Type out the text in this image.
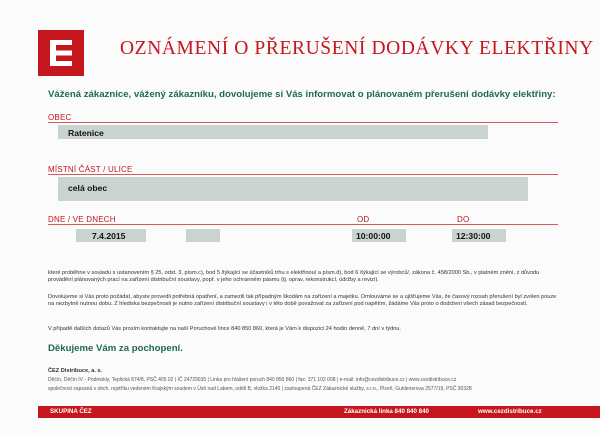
OZNÁMENÍ O PŘERUŠENÍ DODÁVKY ELEKTŘINY
Vážená zákaznice, vážený zákazníku, dovolujeme si Vás informovat o plánovaném přerušení dodávky elektřiny:
OBEC
Ratenice
MÍSTNÍ ČÁST / ULICE
celá obec
DNE / VE DNECH	OD	DO
7.4.2015	10:00:00	12:30:00
které proběhne v souladu s ustanovením § 25, odst. 3, písm.c), bod 5 /týkající se účastníků trhu s elektřinou/ a písm.d), bod 6 /týkající se výrobců/, zákona č. 458/2000 Sb., v platném znění, z důvodu provádění plánovaných prací na zařízení distribuční soustavy, popř. v jeho ochranném pásmu (tj. oprav, rekonstrukcí, údržby a revizí).
Dovolujeme si Vás proto požádat, abyste provedli potřebná opatření, a zamezili tak případným škodám na zařízení a majetku. Omlouváme se a ujišťujeme Vás, že časový rozsah přerušení byl zvolen pouze na nezbytně nutnou dobu. Z hlediska bezpečnosti je nutno zařízení distribuční soustavy i v této době považovat za zařízení pod napětím, žádáme Vás proto o dodržení všech zásad bezpečnosti.
V případě dalších dotazů Vás prosím kontaktujte na naší Poruchové lince 840 850 860, která je Vám k dispozici 24 hodin denně, 7 dní v týdnu.
Děkujeme Vám za pochopení.
ČEZ Distribuce, a. s.
Děčín, Děčín IV - Podmokly, Teplická 874/8, PSČ 405 02 | IČ 24729035 | Linka pro hlášení poruch 840 850 860 | fax: 371 102 008 | e-mail: info@cezdistribuce.cz | www.cezdistribuce.cz
společnost zapsaná v obch. rejstříku vedeném Krajským soudem v Ústí nad Labem, oddíl B, vložka 2145 | zastoupená ČEZ Zákaznické služby, s.r.o., Plzeň, Guldenerova 2577/19, PSČ 30328
SKUPINA ČEZ	Zákaznická linka 840 840 840	www.cezdistribuce.cz
